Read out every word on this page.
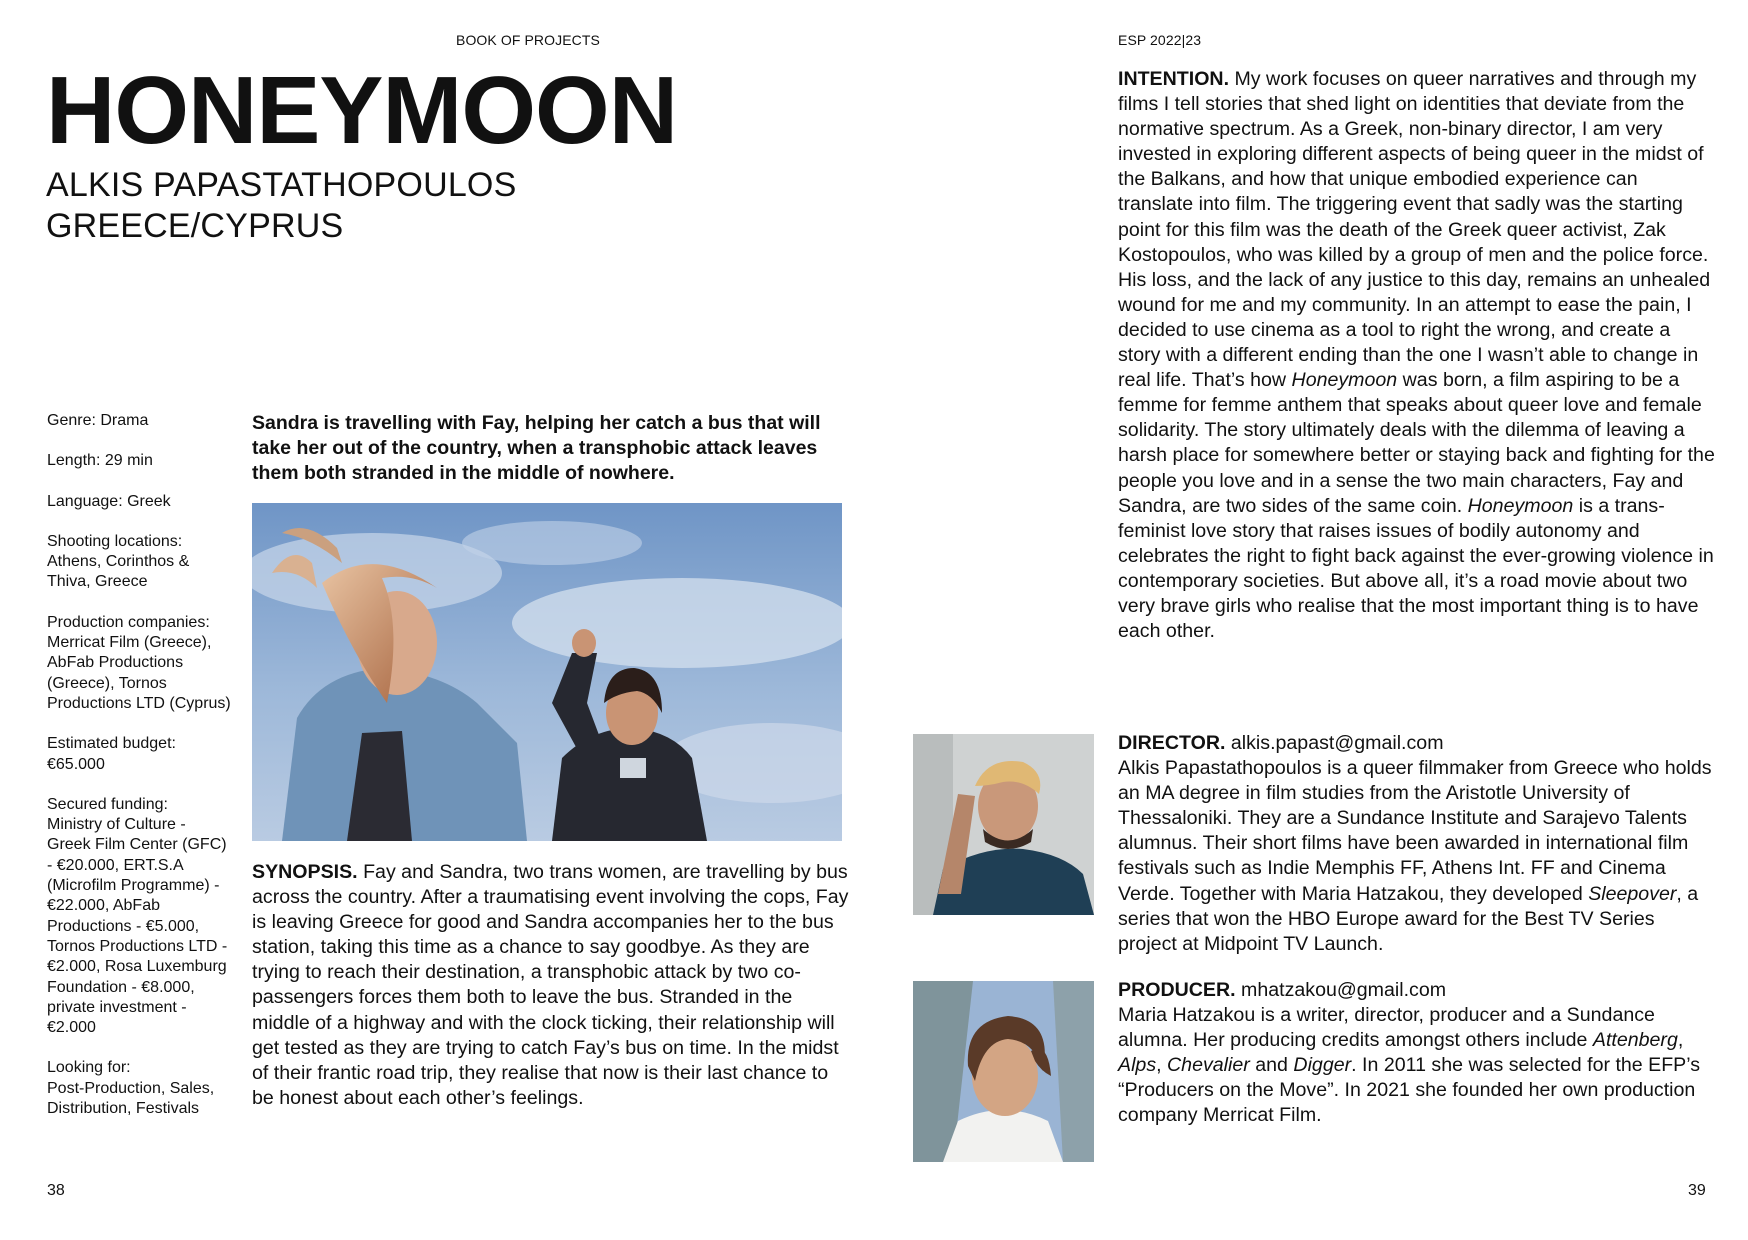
BOOK OF PROJECTS
HONEYMOON
ALKIS PAPASTATHOPOULOS
GREECE/CYPRUS
Genre: Drama
Length: 29 min
Language: Greek
Shooting locations:
Athens, Corinthos & Thiva, Greece
Production companies:
Merricat Film (Greece), AbFab Productions (Greece), Tornos Productions LTD (Cyprus)
Estimated budget:
€65.000
Secured funding:
Ministry of Culture - Greek Film Center (GFC) - €20.000, ERT.S.A (Microfilm Programme) - €22.000, AbFab Productions - €5.000, Tornos Productions LTD - €2.000, Rosa Luxemburg Foundation - €8.000, private investment - €2.000
Looking for:
Post-Production, Sales, Distribution, Festivals
Sandra is travelling with Fay, helping her catch a bus that will take her out of the country, when a transphobic attack leaves them both stranded in the middle of nowhere.
SYNOPSIS. Fay and Sandra, two trans women, are travelling by bus across the country. After a traumatising event involving the cops, Fay is leaving Greece for good and Sandra accompanies her to the bus station, taking this time as a chance to say goodbye. As they are trying to reach their destination, a transphobic attack by two co-passengers forces them both to leave the bus. Stranded in the middle of a highway and with the clock ticking, their relationship will get tested as they are trying to catch Fay’s bus on time. In the midst of their frantic road trip, they realise that now is their last chance to be honest about each other’s feelings.
38
ESP 2022|23
INTENTION. My work focuses on queer narratives and through my films I tell stories that shed light on identities that deviate from the normative spectrum. As a Greek, non-binary director, I am very invested in exploring different aspects of being queer in the midst of the Balkans, and how that unique embodied experience can translate into film. The triggering event that sadly was the starting point for this film was the death of the Greek queer activist, Zak Kostopoulos, who was killed by a group of men and the police force. His loss, and the lack of any justice to this day, remains an unhealed wound for me and my community. In an attempt to ease the pain, I decided to use cinema as a tool to right the wrong, and create a story with a different ending than the one I wasn’t able to change in real life. That’s how Honeymoon was born, a film aspiring to be a femme for femme anthem that speaks about queer love and female solidarity. The story ultimately deals with the dilemma of leaving a harsh place for somewhere better or staying back and fighting for the people you love and in a sense the two main characters, Fay and Sandra, are two sides of the same coin. Honeymoon is a trans-feminist love story that raises issues of bodily autonomy and celebrates the right to fight back against the ever-growing violence in contemporary societies. But above all, it’s a road movie about two very brave girls who realise that the most important thing is to have each other.
DIRECTOR. alkis.papast@gmail.com
Alkis Papastathopoulos is a queer filmmaker from Greece who holds an MA degree in film studies from the Aristotle University of Thessaloniki. They are a Sundance Institute and Sarajevo Talents alumnus. Their short films have been awarded in international film festivals such as Indie Memphis FF, Athens Int. FF and Cinema Verde. Together with Maria Hatzakou, they developed Sleepover, a series that won the HBO Europe award for the Best TV Series project at Midpoint TV Launch.
PRODUCER. mhatzakou@gmail.com
Maria Hatzakou is a writer, director, producer and a Sundance alumna. Her producing credits amongst others include Attenberg, Alps, Chevalier and Digger. In 2011 she was selected for the EFP’s “Producers on the Move”. In 2021 she founded her own production company Merricat Film.
39
